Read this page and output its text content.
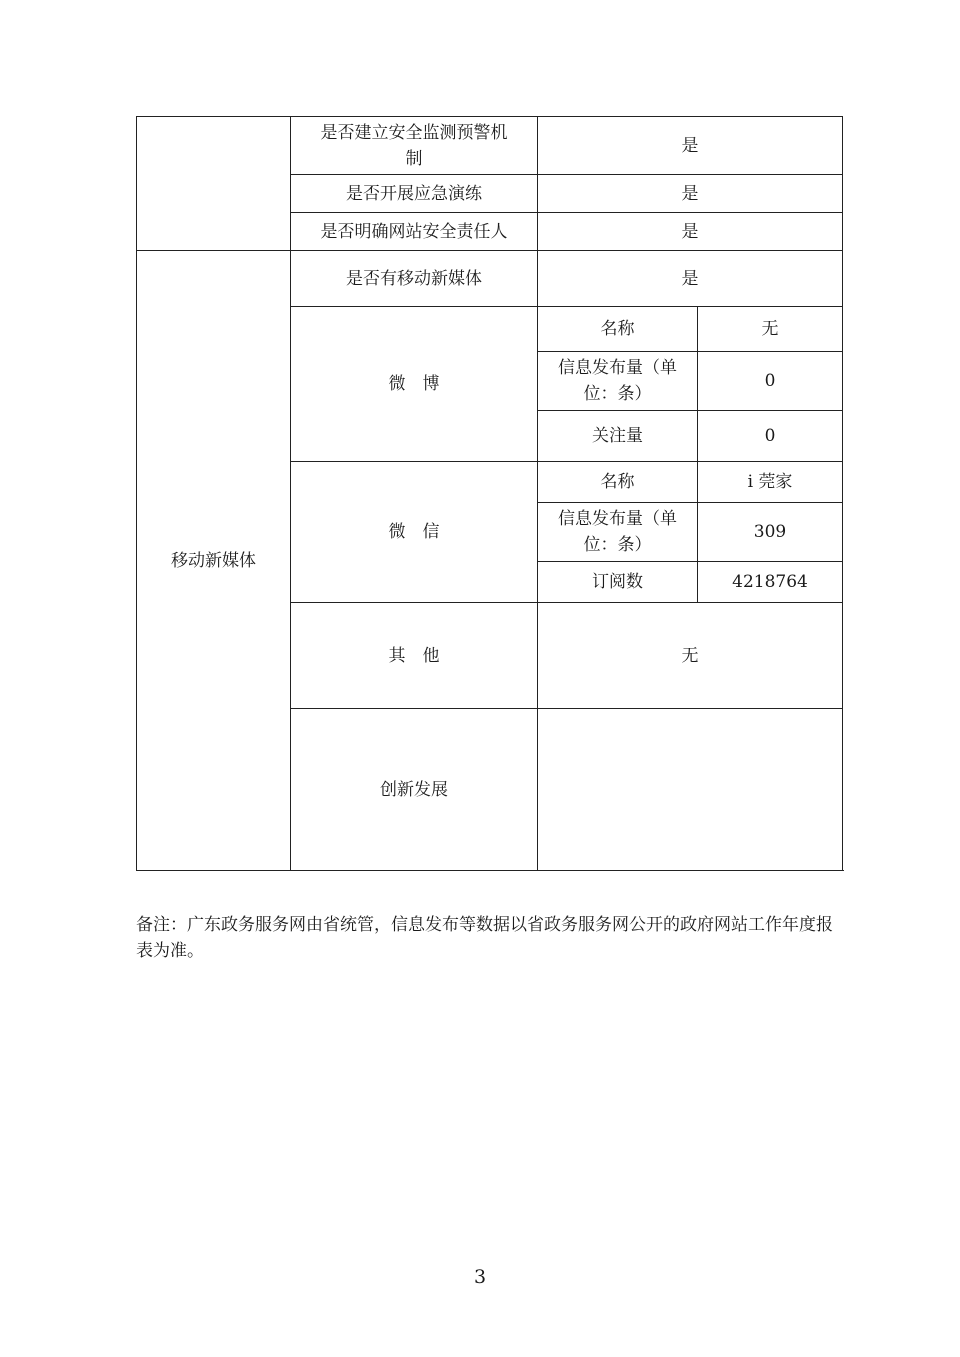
	是否建立安全监测预警机制	是	
	是否开展应急演练	是	
	是否明确网站安全责任人	是	
移动新媒体	是否有移动新媒体	是	
	微　博	名称	无
		信息发布量（单位：条）	0
		关注量	0
	微　信	名称	i 莞家
		信息发布量（单位：条）	309
		订阅数	4218764
	其　他	无	
	创新发展		

备注：广东政务服务网由省统管，信息发布等数据以省政务服务网公开的政府网站工作年度报表为准。

3
